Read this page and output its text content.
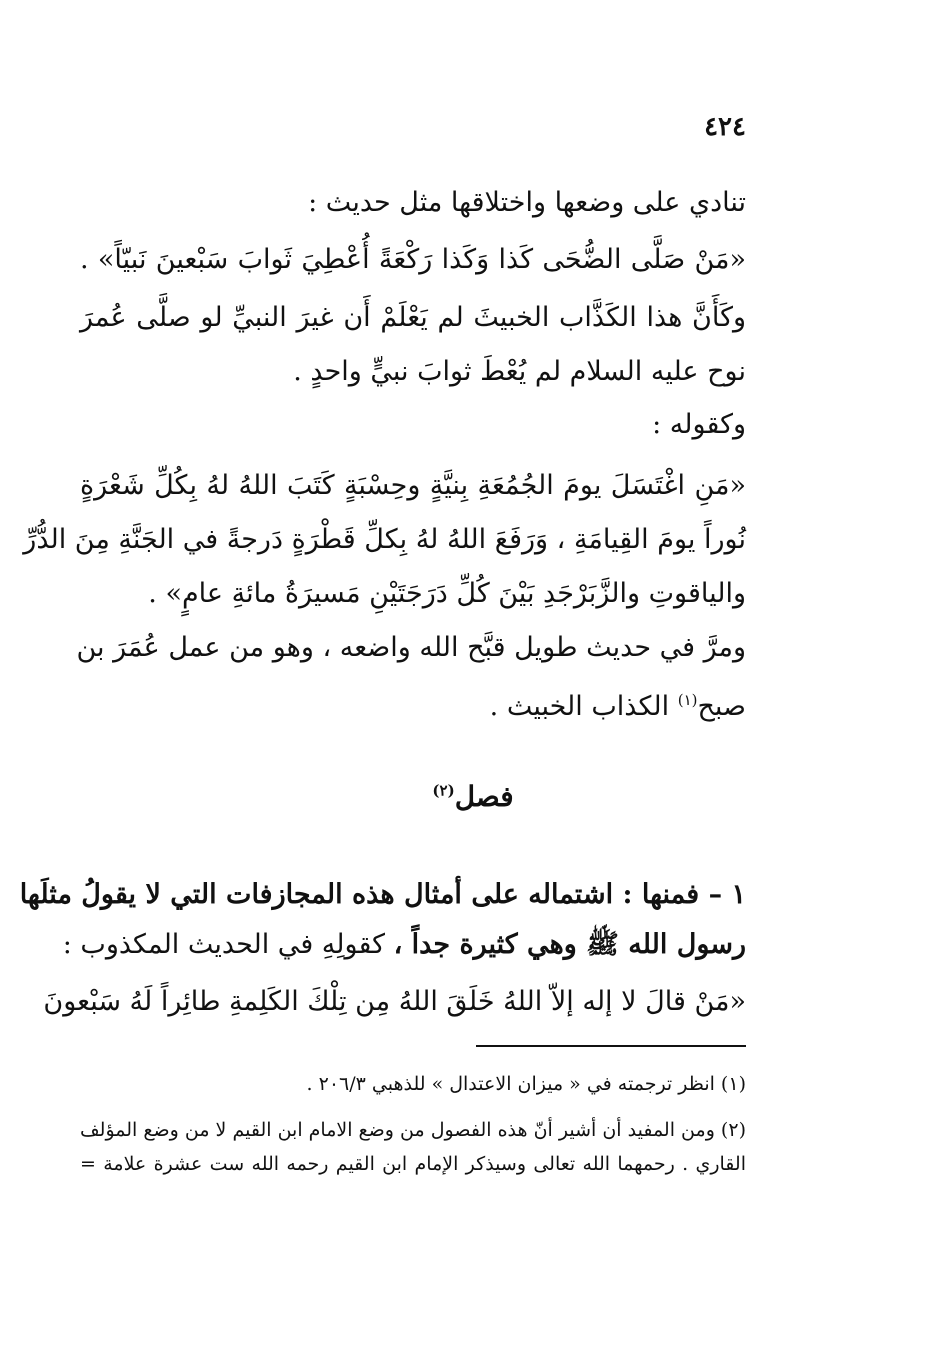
٤٢٤
تنادي على وضعها واختلاقها مثل حديث :
«مَنْ صَلَّى الضُّحَى كَذا وَكَذا رَكْعَةً أُعْطِيَ ثَوابَ سَبْعينَ نَبيّاً» .
وكَأَنَّ هذا الكَذَّاب الخبيثَ لم يَعْلَمْ أَن غيرَ النبيِّ لو صلَّى عُمرَ
نوح عليه السلام لم يُعْطَ ثوابَ نبيٍّ واحدٍ .
وكقوله :
«مَنِ اغْتَسَلَ يومَ الجُمُعَةِ بِنيَّةٍ وحِسْبَةٍ كَتَبَ اللهُ لهُ بِكُلِّ شَعْرَةٍ
نُوراً يومَ القِيامَةِ ، وَرَفَعَ اللهُ لهُ بِكلِّ قَطْرَةٍ دَرجةً في الجَنَّةِ مِنَ الدُّرِّ
والياقوتِ والزَّبَرْجَدِ بَيْنَ كُلِّ دَرَجَتَيْنِ مَسيرَةُ مائةِ عامٍ» .
ومرَّ في حديث طويل قبَّح الله واضعه ، وهو من عمل عُمَرَ بن
صبح$^{(١)}$ الكذاب الخبيث .
فصل$^{(٢)}$
١ – فمنها : اشتماله على أمثال هذه المجازفات التي لا يقولُ مثلَها
رسول الله ﷺ وهي كثيرة جداً ، كقولِهِ في الحديث المكذوب :
«مَنْ قالَ لا إله إلاّ اللهُ خَلَقَ اللهُ مِن تِلْكَ الكَلِمةِ طائِراً لَهُ سَبْعونَ
(١) انظر ترجمته في « ميزان الاعتدال » للذهبي ٢٠٦/٣ .
(٢) ومن المفيد أن أشير أنّ هذه الفصول من وضع الامام ابن القيم لا من وضع المؤلف
القاري . رحمهما الله تعالى وسيذكر الإمام ابن القيم رحمه الله ست عشرة علامة =
